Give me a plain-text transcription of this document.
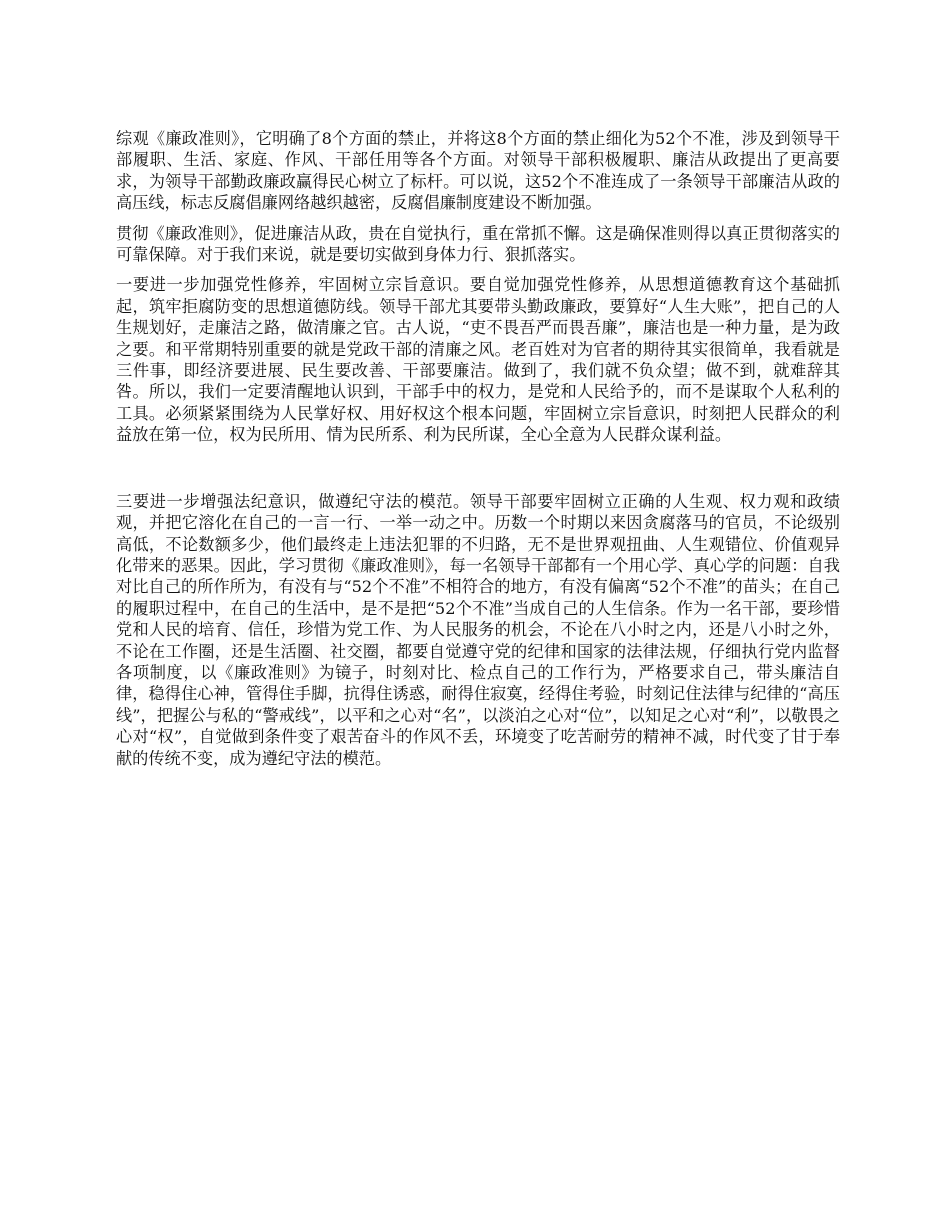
综观《廉政准则》，它明确了8个方面的禁止，并将这8个方面的禁止细化为52个不准，涉及到领导干部履职、生活、家庭、作风、干部任用等各个方面。对领导干部积极履职、廉洁从政提出了更高要求，为领导干部勤政廉政赢得民心树立了标杆。可以说，这52个不准连成了一条领导干部廉洁从政的高压线，标志反腐倡廉网络越织越密，反腐倡廉制度建设不断加强。

贯彻《廉政准则》，促进廉洁从政，贵在自觉执行，重在常抓不懈。这是确保准则得以真正贯彻落实的可靠保障。对于我们来说，就是要切实做到身体力行、狠抓落实。

一要进一步加强党性修养，牢固树立宗旨意识。要自觉加强党性修养，从思想道德教育这个基础抓起，筑牢拒腐防变的思想道德防线。领导干部尤其要带头勤政廉政，要算好“人生大账”，把自己的人生规划好，走廉洁之路，做清廉之官。古人说，“吏不畏吾严而畏吾廉”，廉洁也是一种力量，是为政之要。和平常期特别重要的就是党政干部的清廉之风。老百姓对为官者的期待其实很简单，我看就是三件事，即经济要进展、民生要改善、干部要廉洁。做到了，我们就不负众望；做不到，就难辞其咎。所以，我们一定要清醒地认识到，干部手中的权力，是党和人民给予的，而不是谋取个人私利的工具。必须紧紧围绕为人民掌好权、用好权这个根本问题，牢固树立宗旨意识，时刻把人民群众的利益放在第一位，权为民所用、情为民所系、利为民所谋，全心全意为人民群众谋利益。

三要进一步增强法纪意识，做遵纪守法的模范。领导干部要牢固树立正确的人生观、权力观和政绩观，并把它溶化在自己的一言一行、一举一动之中。历数一个时期以来因贪腐落马的官员，不论级别高低，不论数额多少，他们最终走上违法犯罪的不归路，无不是世界观扭曲、人生观错位、价值观异化带来的恶果。因此，学习贯彻《廉政准则》，每一名领导干部都有一个用心学、真心学的问题：自我对比自己的所作所为，有没有与“52个不准”不相符合的地方，有没有偏离“52个不准”的苗头；在自己的履职过程中，在自己的生活中，是不是把“52个不准”当成自己的人生信条。作为一名干部，要珍惜党和人民的培育、信任，珍惜为党工作、为人民服务的机会，不论在八小时之内，还是八小时之外，不论在工作圈，还是生活圈、社交圈，都要自觉遵守党的纪律和国家的法律法规，仔细执行党内监督各项制度，以《廉政准则》为镜子，时刻对比、检点自己的工作行为，严格要求自己，带头廉洁自律，稳得住心神，管得住手脚，抗得住诱惑，耐得住寂寞，经得住考验，时刻记住法律与纪律的“高压线”，把握公与私的“警戒线”，以平和之心对“名”，以淡泊之心对“位”，以知足之心对“利”，以敬畏之心对“权”，自觉做到条件变了艰苦奋斗的作风不丢，环境变了吃苦耐劳的精神不减，时代变了甘于奉献的传统不变，成为遵纪守法的模范。
